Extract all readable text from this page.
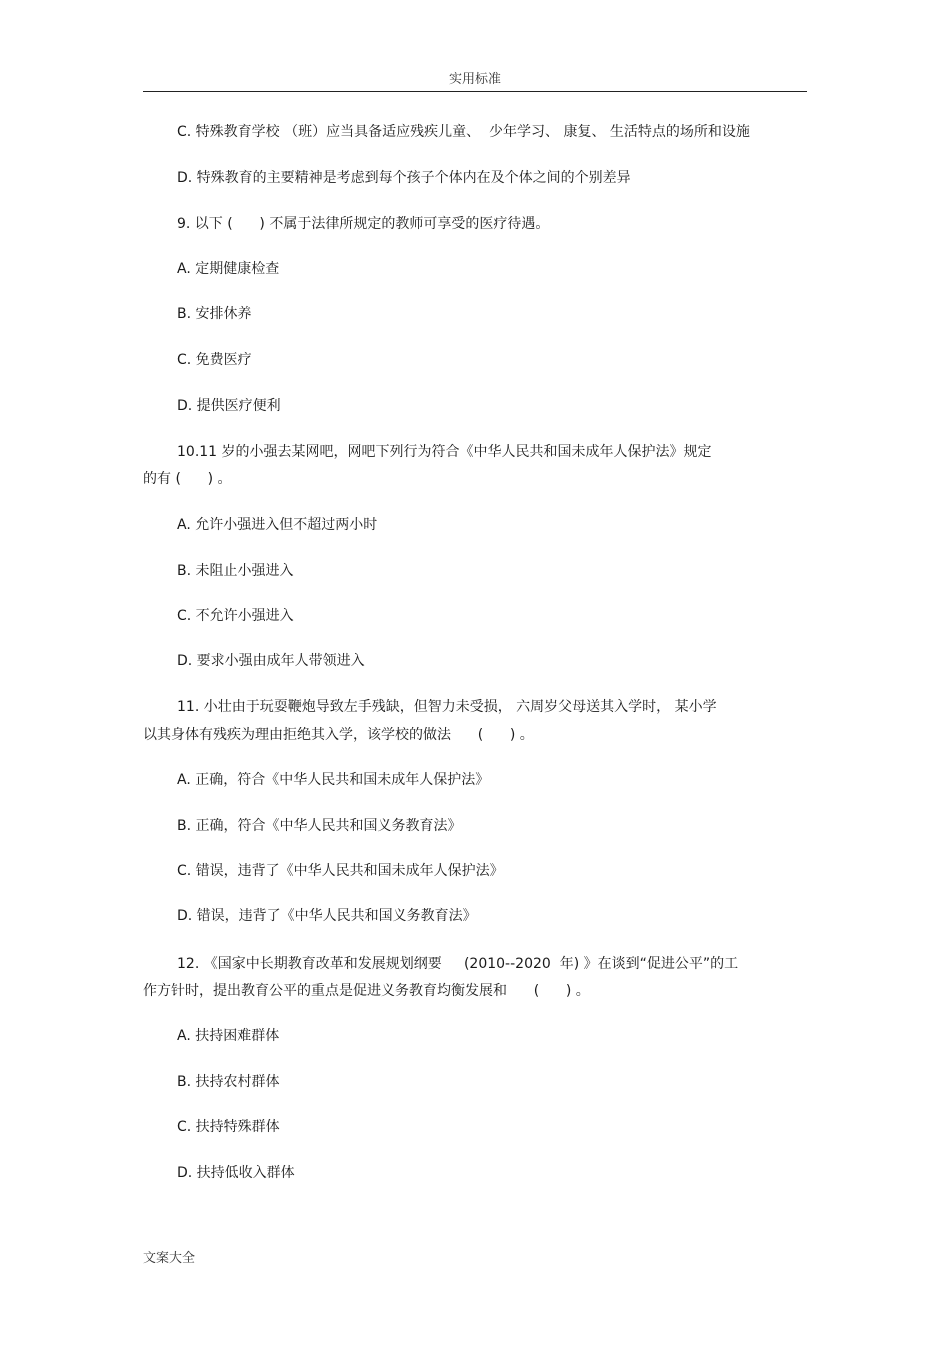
实用标准
C. 特殊教育学校 （班）应当具备适应残疾儿童、  少年学习、 康复、 生活特点的场所和设施
D. 特殊教育的主要精神是考虑到每个孩子个体内在及个体之间的个别差异
9. 以下 (      ) 不属于法律所规定的教师可享受的医疗待遇。
A. 定期健康检查
B. 安排休养
C. 免费医疗
D. 提供医疗便利
10.11 岁的小强去某网吧，网吧下列行为符合《中华人民共和国未成年人保护法》规定
的有 (      ) 。
A. 允许小强进入但不超过两小时
B. 未阻止小强进入
C. 不允许小强进入
D. 要求小强由成年人带领进入
11. 小壮由于玩耍鞭炮导致左手残缺，但智力未受损， 六周岁父母送其入学时， 某小学
以其身体有残疾为理由拒绝其入学，该学校的做法      (      ) 。
A. 正确，符合《中华人民共和国未成年人保护法》
B. 正确，符合《中华人民共和国义务教育法》
C. 错误，违背了《中华人民共和国未成年人保护法》
D. 错误，违背了《中华人民共和国义务教育法》
12. 《国家中长期教育改革和发展规划纲要     (2010--2020  年) 》在谈到“促进公平”的工
作方针时，提出教育公平的重点是促进义务教育均衡发展和      (      ) 。
A. 扶持困难群体
B. 扶持农村群体
C. 扶持特殊群体
D. 扶持低收入群体
文案大全
